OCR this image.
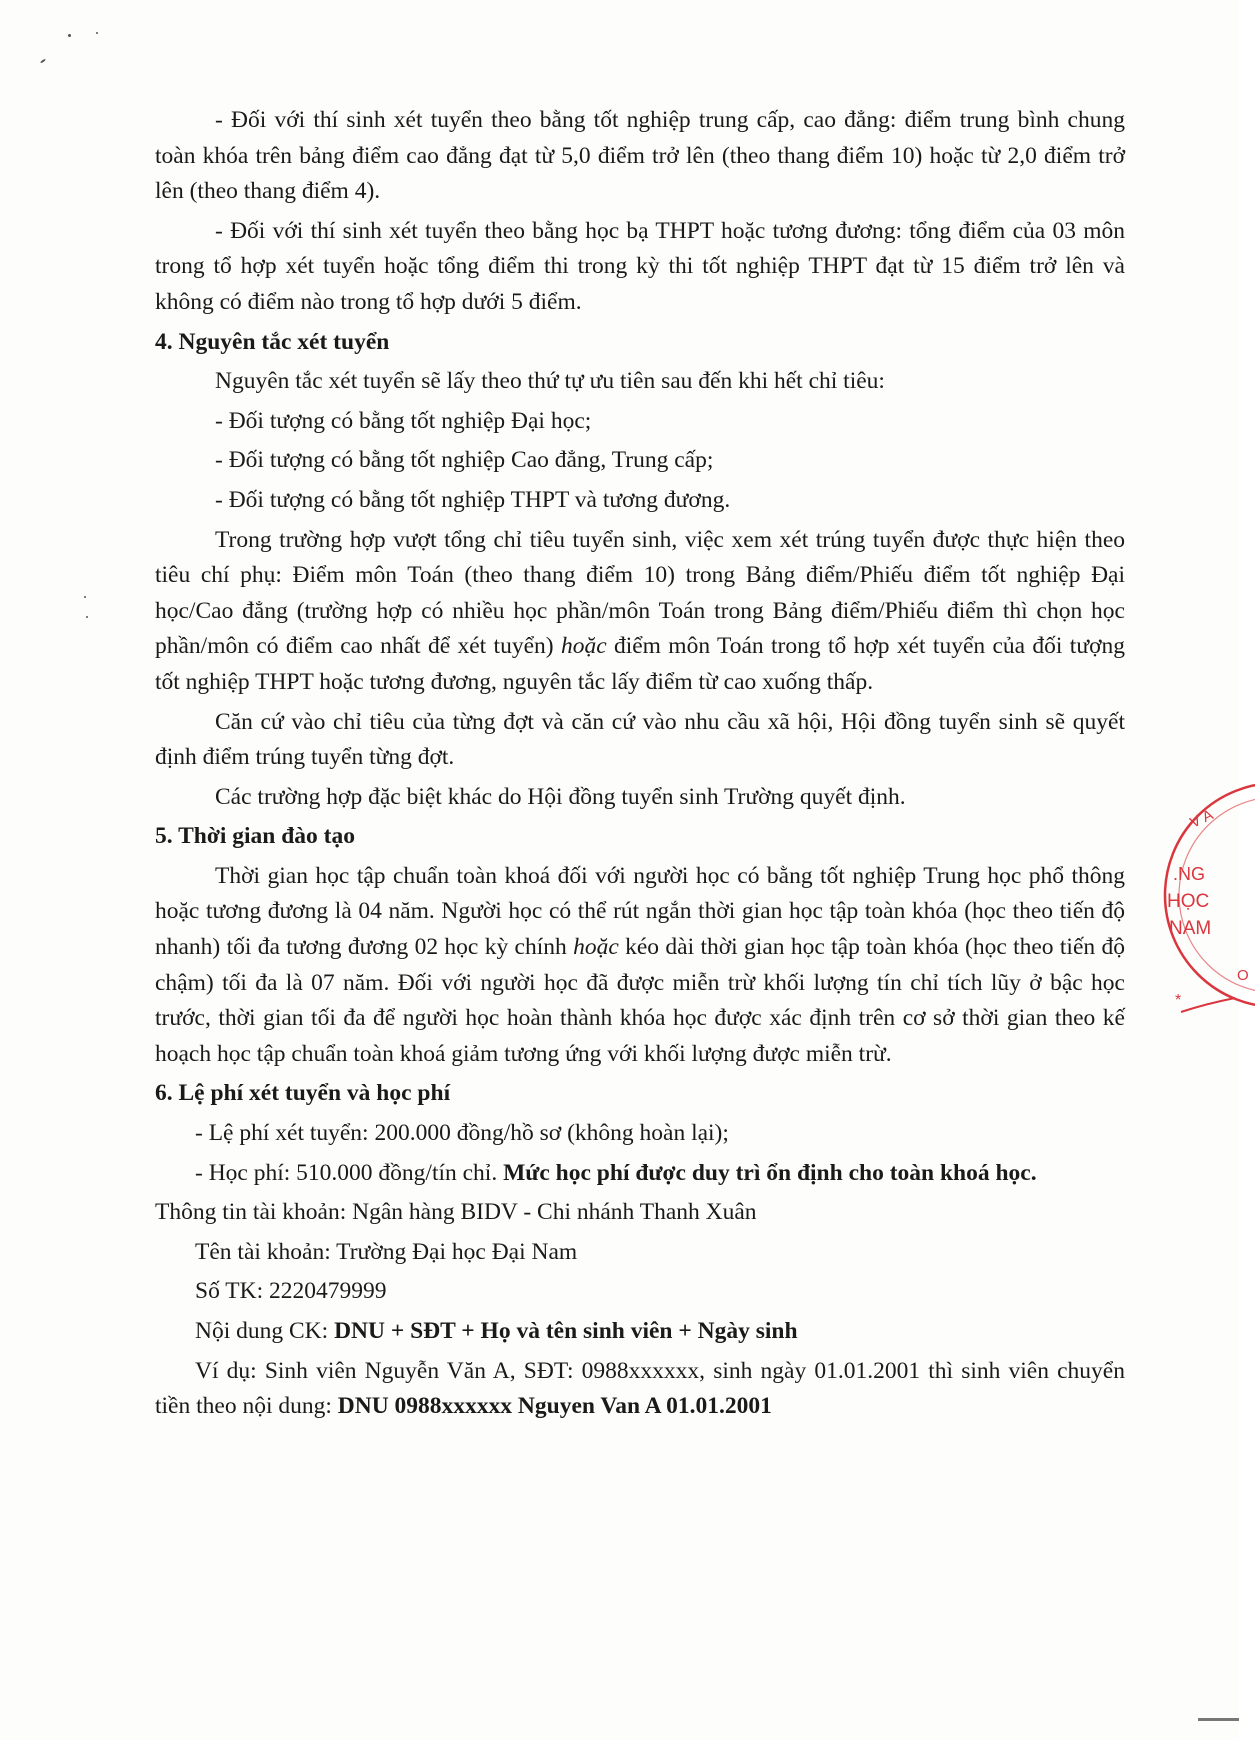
- Đối với thí sinh xét tuyển theo bằng tốt nghiệp trung cấp, cao đẳng: điểm trung bình chung toàn khóa trên bảng điểm cao đẳng đạt từ 5,0 điểm trở lên (theo thang điểm 10) hoặc từ 2,0 điểm trở lên (theo thang điểm 4).

- Đối với thí sinh xét tuyển theo bằng học bạ THPT hoặc tương đương: tổng điểm của 03 môn trong tổ hợp xét tuyển hoặc tổng điểm thi trong kỳ thi tốt nghiệp THPT đạt từ 15 điểm trở lên và không có điểm nào trong tổ hợp dưới 5 điểm.

4. Nguyên tắc xét tuyển

Nguyên tắc xét tuyển sẽ lấy theo thứ tự ưu tiên sau đến khi hết chỉ tiêu:

- Đối tượng có bằng tốt nghiệp Đại học;

- Đối tượng có bằng tốt nghiệp Cao đẳng, Trung cấp;

- Đối tượng có bằng tốt nghiệp THPT và tương đương.

Trong trường hợp vượt tổng chỉ tiêu tuyển sinh, việc xem xét trúng tuyển được thực hiện theo tiêu chí phụ: Điểm môn Toán (theo thang điểm 10) trong Bảng điểm/Phiếu điểm tốt nghiệp Đại học/Cao đẳng (trường hợp có nhiều học phần/môn Toán trong Bảng điểm/Phiếu điểm thì chọn học phần/môn có điểm cao nhất để xét tuyển) hoặc điểm môn Toán trong tổ hợp xét tuyển của đối tượng tốt nghiệp THPT hoặc tương đương, nguyên tắc lấy điểm từ cao xuống thấp.

Căn cứ vào chỉ tiêu của từng đợt và căn cứ vào nhu cầu xã hội, Hội đồng tuyển sinh sẽ quyết định điểm trúng tuyển từng đợt.

Các trường hợp đặc biệt khác do Hội đồng tuyển sinh Trường quyết định.

5. Thời gian đào tạo

Thời gian học tập chuẩn toàn khoá đối với người học có bằng tốt nghiệp Trung học phổ thông hoặc tương đương là 04 năm. Người học có thể rút ngắn thời gian học tập toàn khóa (học theo tiến độ nhanh) tối đa tương đương 02 học kỳ chính hoặc kéo dài thời gian học tập toàn khóa (học theo tiến độ chậm) tối đa là 07 năm. Đối với người học đã được miễn trừ khối lượng tín chỉ tích lũy ở bậc học trước, thời gian tối đa để người học hoàn thành khóa học được xác định trên cơ sở thời gian theo kế hoạch học tập chuẩn toàn khoá giảm tương ứng với khối lượng được miễn trừ.

6. Lệ phí xét tuyển và học phí

- Lệ phí xét tuyển: 200.000 đồng/hồ sơ (không hoàn lại);

- Học phí: 510.000 đồng/tín chỉ. Mức học phí được duy trì ổn định cho toàn khoá học.

Thông tin tài khoản: Ngân hàng BIDV - Chi nhánh Thanh Xuân

Tên tài khoản: Trường Đại học Đại Nam

Số TK: 2220479999

Nội dung CK: DNU + SĐT + Họ và tên sinh viên + Ngày sinh

Ví dụ: Sinh viên Nguyễn Văn A, SĐT: 0988xxxxxx, sinh ngày 01.01.2001 thì sinh viên chuyển tiền theo nội dung: DNU 0988xxxxxx Nguyen Van A 01.01.2001

V A
.NG
HỌC
NAM
O
*
